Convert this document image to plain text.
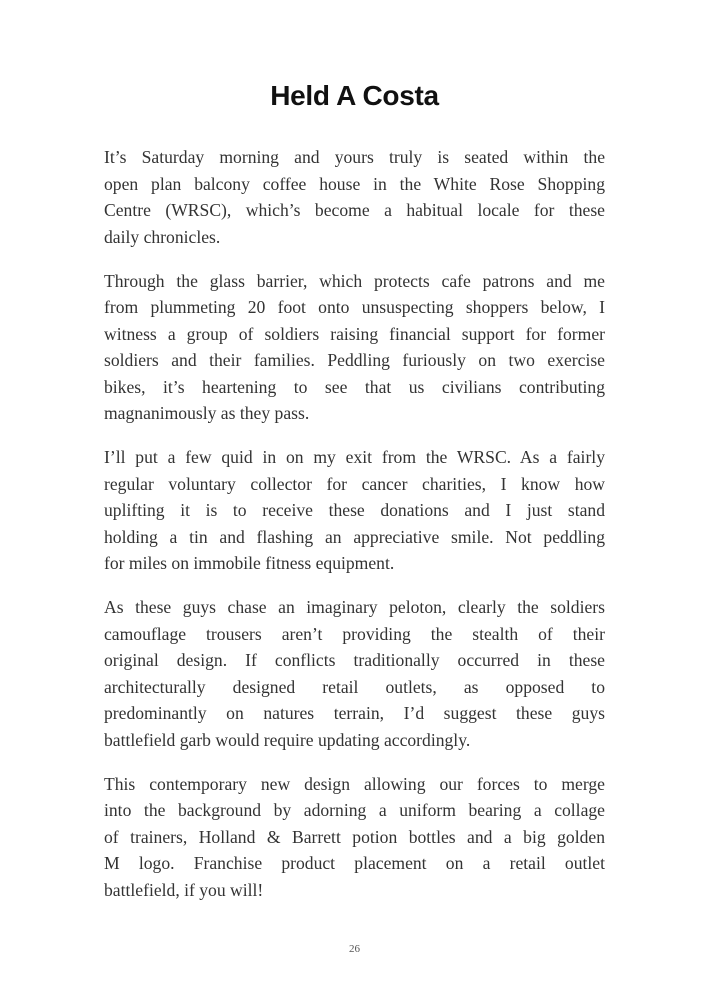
Held A Costa
It’s Saturday morning and yours truly is seated within the
open plan balcony coffee house in the White Rose Shopping
Centre (WRSC), which’s become a habitual locale for these
daily chronicles.
Through the glass barrier, which protects cafe patrons and me
from plummeting 20 foot onto unsuspecting shoppers below, I
witness a group of soldiers raising financial support for former
soldiers and their families. Peddling furiously on two exercise
bikes, it’s heartening to see that us civilians contributing
magnanimously as they pass.
I’ll put a few quid in on my exit from the WRSC. As a fairly
regular voluntary collector for cancer charities, I know how
uplifting it is to receive these donations and I just stand
holding a tin and flashing an appreciative smile. Not peddling
for miles on immobile fitness equipment.
As these guys chase an imaginary peloton, clearly the soldiers
camouflage trousers aren’t providing the stealth of their
original design. If conflicts traditionally occurred in these
architecturally designed retail outlets, as opposed to
predominantly on natures terrain, I’d suggest these guys
battlefield garb would require updating accordingly.
This contemporary new design allowing our forces to merge
into the background by adorning a uniform bearing a collage
of trainers, Holland & Barrett potion bottles and a big golden
M logo. Franchise product placement on a retail outlet
battlefield, if you will!
26
